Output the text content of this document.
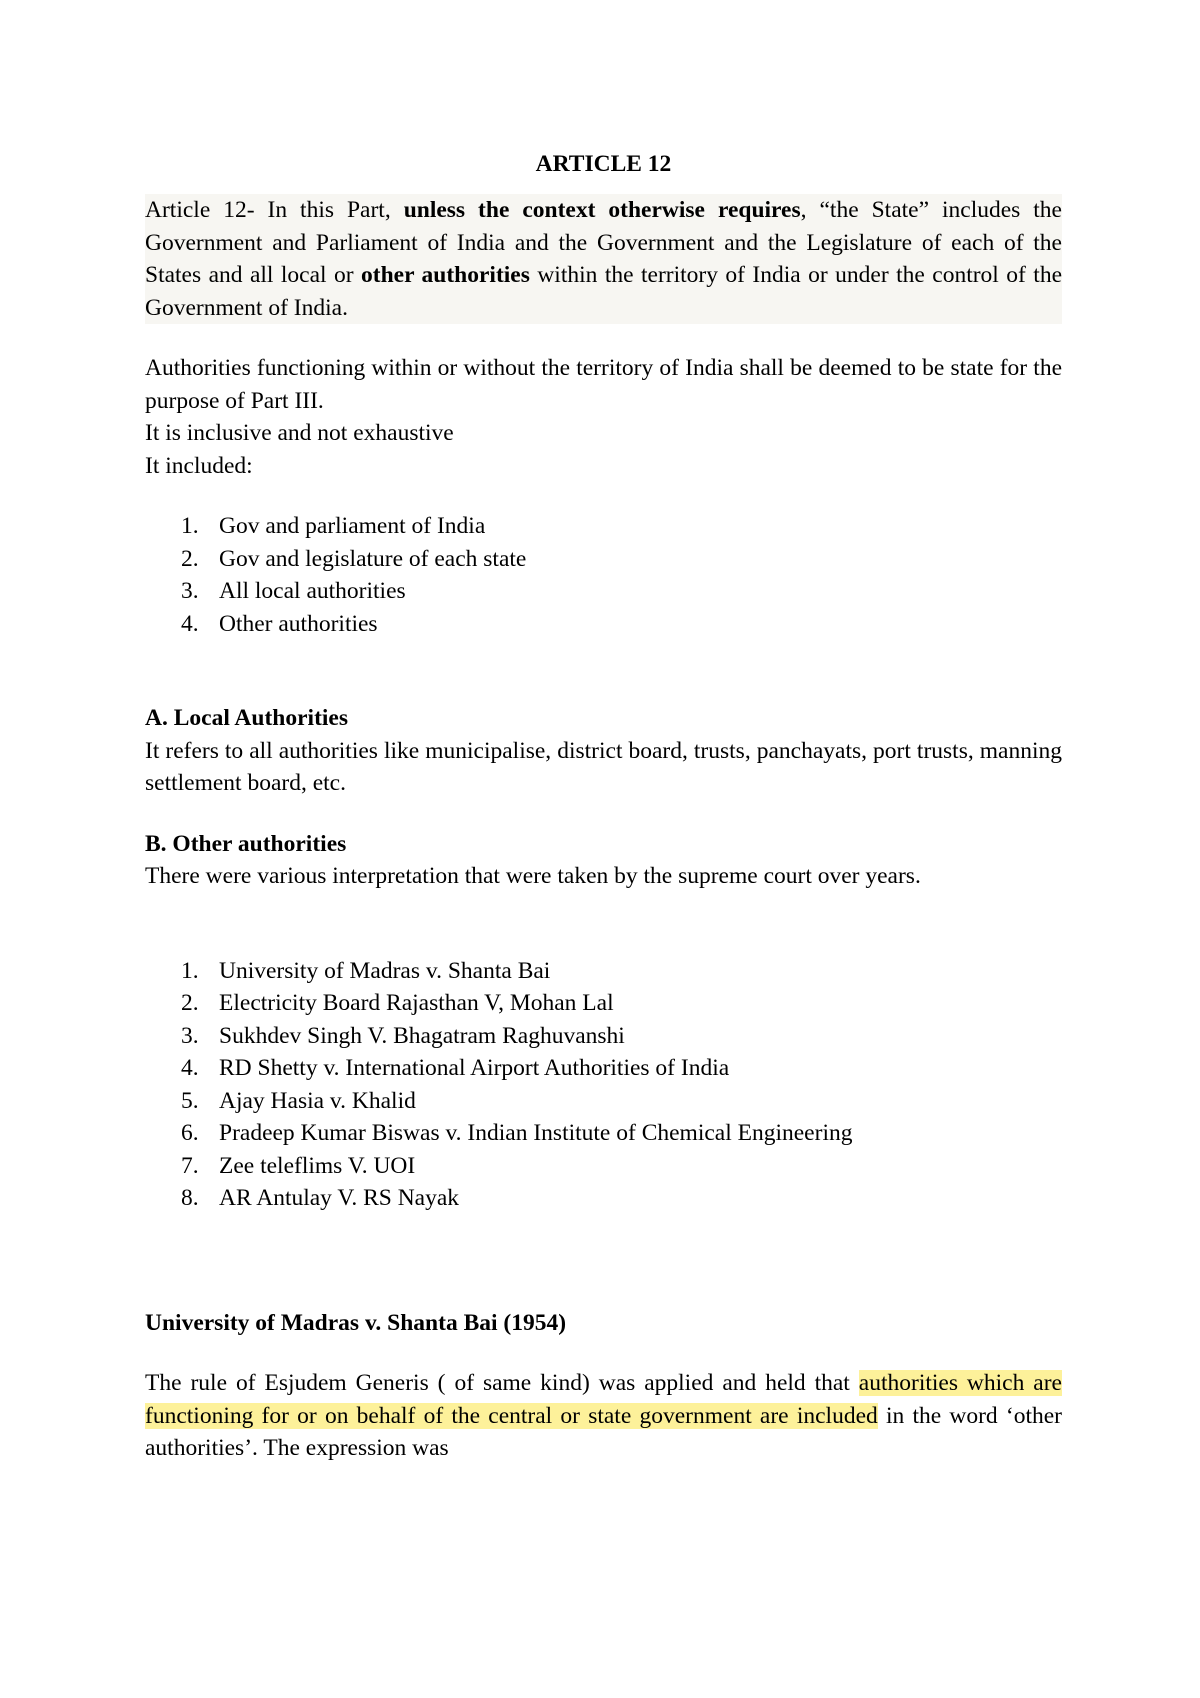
ARTICLE 12

Article 12- In this Part, unless the context otherwise requires, “the State” includes the Government and Parliament of India and the Government and the Legislature of each of the States and all local or other authorities within the territory of India or under the control of the Government of India.

Authorities functioning within or without the territory of India shall be deemed to be state for the purpose of Part III.

It is inclusive and not exhaustive

It included:

1. Gov and parliament of India
2. Gov and legislature of each state
3. All local authorities
4. Other authorities

A. Local Authorities

It refers to all authorities like municipalise, district board, trusts, panchayats, port trusts, manning settlement board, etc.

B. Other authorities

There were various interpretation that were taken by the supreme court over years.

1. University of Madras v. Shanta Bai
2. Electricity Board Rajasthan V, Mohan Lal
3. Sukhdev Singh V. Bhagatram Raghuvanshi
4. RD Shetty v. International Airport Authorities of India
5. Ajay Hasia v. Khalid
6. Pradeep Kumar Biswas v. Indian Institute of Chemical Engineering
7. Zee teleflims V. UOI
8. AR Antulay V. RS Nayak

University of Madras v. Shanta Bai (1954)

The rule of Esjudem Generis ( of same kind) was applied and held that authorities which are functioning for or on behalf of the central or state government are included in the word ‘other authorities’. The expression was
